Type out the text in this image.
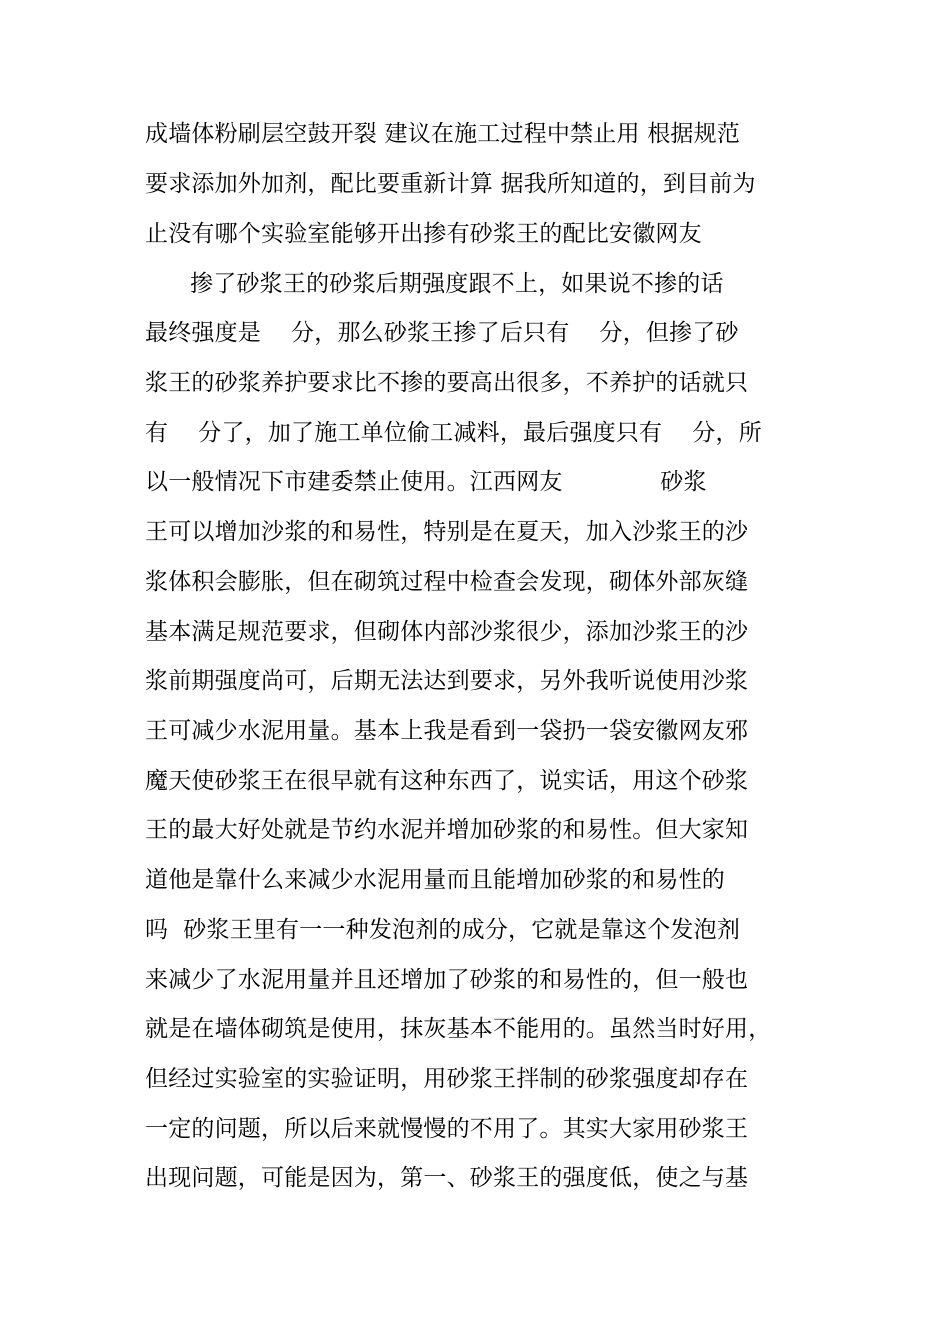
成墙体粉刷层空鼓开裂 建议在施工过程中禁止用 根据规范
要求添加外加剂，配比要重新计算 据我所知道的，到目前为
止没有哪个实验室能够开出掺有砂浆王的配比安徽网友
掺了砂浆王的砂浆后期强度跟不上，如果说不掺的话
最终强度是    分，那么砂浆王掺了后只有    分，但掺了砂
浆王的砂浆养护要求比不掺的要高出很多，不养护的话就只
有    分了，加了施工单位偷工减料，最后强度只有    分，所
以一般情况下市建委禁止使用。江西网友             砂浆
王可以增加沙浆的和易性，特别是在夏天，加入沙浆王的沙
浆体积会膨胀，但在砌筑过程中检查会发现，砌体外部灰缝
基本满足规范要求，但砌体内部沙浆很少，添加沙浆王的沙
浆前期强度尚可，后期无法达到要求，另外我听说使用沙浆
王可减少水泥用量。基本上我是看到一袋扔一袋安徽网友邪
魔天使砂浆王在很早就有这种东西了，说实话，用这个砂浆
王的最大好处就是节约水泥并增加砂浆的和易性。但大家知
道他是靠什么来减少水泥用量而且能增加砂浆的和易性的
吗  砂浆王里有一一种发泡剂的成分，它就是靠这个发泡剂
来减少了水泥用量并且还增加了砂浆的和易性的，但一般也
就是在墙体砌筑是使用，抹灰基本不能用的。虽然当时好用，
但经过实验室的实验证明，用砂浆王拌制的砂浆强度却存在
一定的问题，所以后来就慢慢的不用了。其实大家用砂浆王
出现问题，可能是因为，第一、砂浆王的强度低，使之与基
